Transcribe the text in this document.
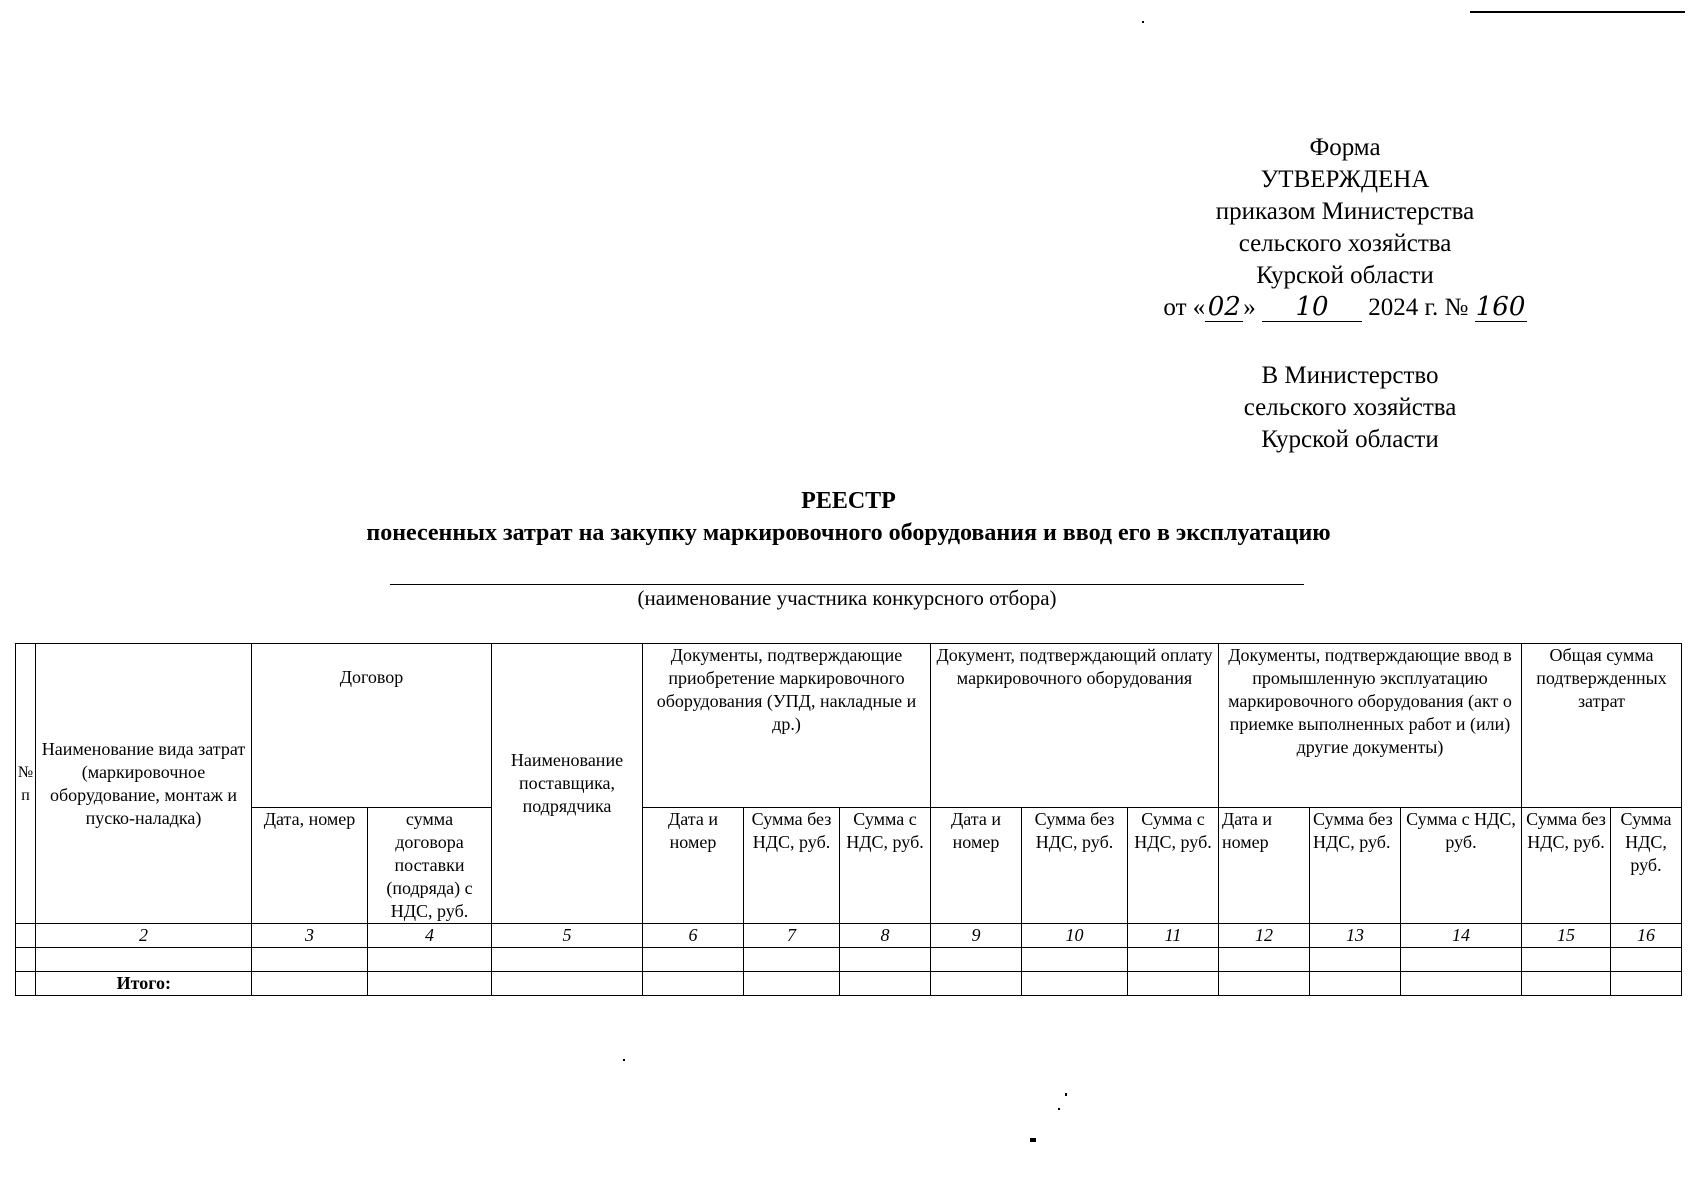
Форма
УТВЕРЖДЕНА
приказом Министерства
сельского хозяйства
Курской области
от «02» 10 2024 г. № 160
В Министерство
сельского хозяйства
Курской области
РЕЕСТР
понесенных затрат на закупку маркировочного оборудования и ввод его в эксплуатацию
(наименование участника конкурсного отбора)
№ п	Наименование вида затрат (маркировочное оборудование, монтаж и пуско-наладка)	Договор		Наименование поставщика, подрядчика	Документы, подтверждающие приобретение маркировочного оборудования (УПД, накладные и др.)			Документ, подтверждающий оплату маркировочного оборудования			Документы, подтверждающие ввод в промышленную эксплуатацию маркировочного оборудования (акт о приемке выполненных работ и (или) другие документы)			Общая сумма подтвержденных затрат	
		Дата, номер	сумма договора поставки (подряда) с НДС, руб.		Дата и номер	Сумма без НДС, руб.	Сумма с НДС, руб.	Дата и номер	Сумма без НДС, руб.	Сумма с НДС, руб.	Дата и номер	Сумма без НДС, руб.	Сумма с НДС, руб.	Сумма без НДС, руб.	Сумма НДС, руб.
	2	3	4	5	6	7	8	9	10	11	12	13	14	15	16

	Итого:														
